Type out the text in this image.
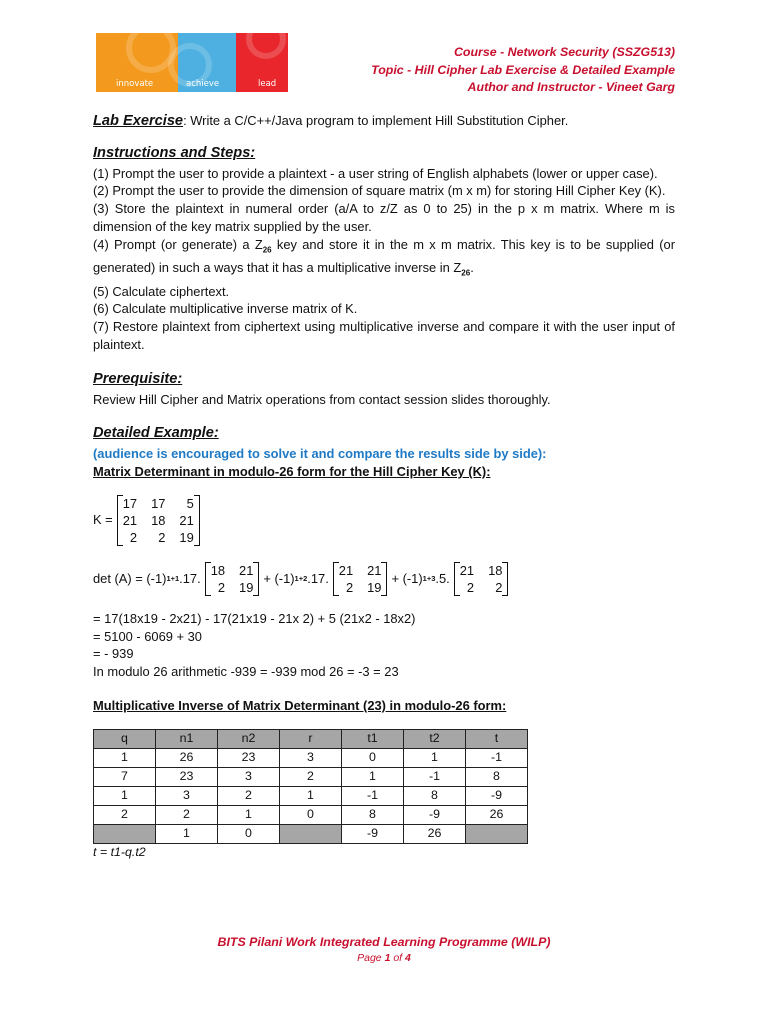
innovate	achieve	lead
Course - Network Security (SSZG513)
Topic - Hill Cipher Lab Exercise & Detailed Example
Author and Instructor - Vineet Garg
Lab Exercise: Write a C/C++/Java program to implement Hill Substitution Cipher.
Instructions and Steps:

(1) Prompt the user to provide a plaintext - a user string of English alphabets (lower or upper case).

(2) Prompt the user to provide the dimension of square matrix (m x m) for storing Hill Cipher Key (K).

(3) Store the plaintext in numeral order (a/A to z/Z as 0 to 25) in the p x m matrix. Where m is dimension of the key matrix supplied by the user.

(4) Prompt (or generate) a $Z_{26}$ key and store it in the m x m matrix. This key is to be supplied (or generated) in such a ways that it has a multiplicative inverse in $Z_{26}$.

(5) Calculate ciphertext.

(6) Calculate multiplicative inverse matrix of K.

(7) Restore plaintext from ciphertext using multiplicative inverse and compare it with the user input of plaintext.

Prerequisite:

Review Hill Cipher and Matrix operations from contact session slides thoroughly.

Detailed Example:

(audience is encouraged to solve it and compare the results side by side):

Matrix Determinant in modulo-26 form for the Hill Cipher Key (K):

K =
17 17	5
21 18 21
2	2 19
det (A) = (-1) 1+1 .17.
18 21
2 19
+ (-1) 1+2 .17.
21 21
2 19
+ (-1) 1+3 .5.
21 18
2	2

= 17(18x19 - 2x21) - 17(21x19 - 21x 2) + 5 (21x2 - 18x2)

= 5100 - 6069 + 30

= - 939

In modulo 26 arithmetic -939 = -939 mod 26 = -3 = 23

Multiplicative Inverse of Matrix Determinant (23) in modulo-26 form:

q	n1	n2	r	t1	t2	t
1	26	23	3	0	1	-1
7	23	3	2	1	-1	8
1	3	2	1	-1	8	-9
2	2	1	0	8	-9	26
	1	0		-9	26	

t = t1-q.t2

BITS Pilani Work Integrated Learning Programme (WILP)
Page 1 of 4
